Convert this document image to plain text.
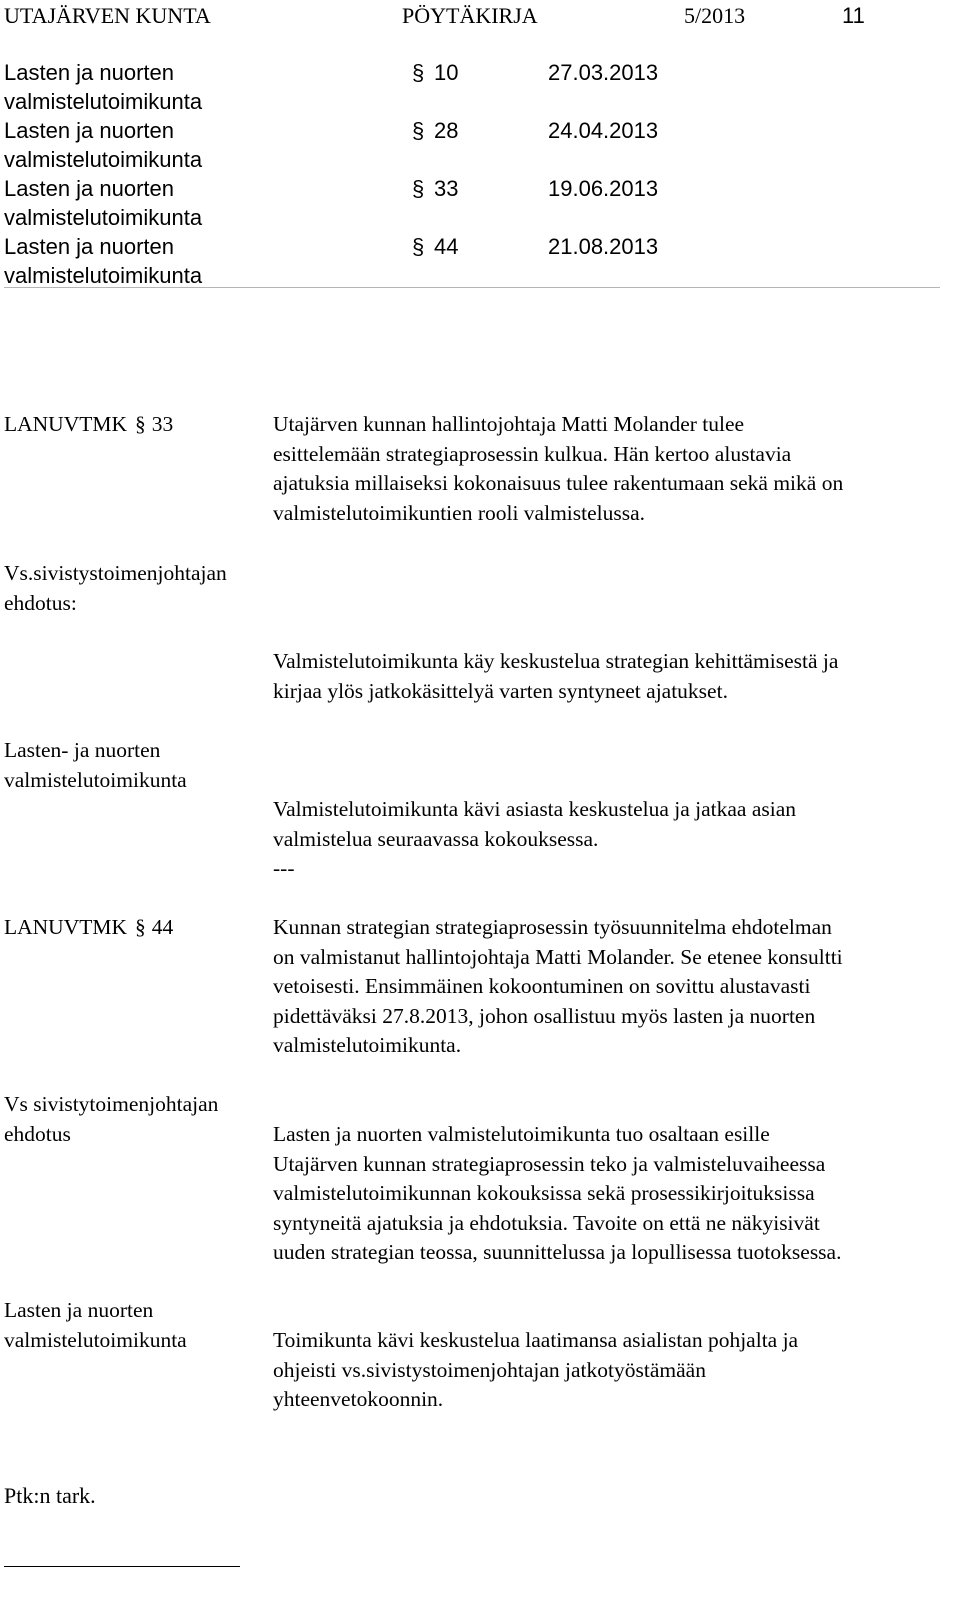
UTAJÄRVEN KUNTA	PÖYTÄKIRJA	5/2013	11
Lasten ja nuorten
valmistelutoimikunta
§ 10	27.03.2013
Lasten ja nuorten
valmistelutoimikunta
§ 28	24.04.2013
Lasten ja nuorten
valmistelutoimikunta
§ 33	19.06.2013
Lasten ja nuorten
valmistelutoimikunta
§ 44	21.08.2013
LANUVTMK § 33	Utajärven kunnan hallintojohtaja Matti Molander tulee
esittelemään strategiaprosessin kulkua. Hän kertoo alustavia
ajatuksia millaiseksi kokonaisuus tulee rakentumaan sekä mikä on
valmistelutoimikuntien rooli valmistelussa.
Vs.sivistystoimenjohtajan
ehdotus:
Valmistelutoimikunta käy keskustelua strategian kehittämisestä ja
kirjaa ylös jatkokäsittelyä varten syntyneet ajatukset.
Lasten- ja nuorten
valmistelutoimikunta
Valmistelutoimikunta kävi asiasta keskustelua ja jatkaa asian
valmistelua seuraavassa kokouksessa.
---
LANUVTMK § 44	Kunnan strategian strategiaprosessin työsuunnitelma ehdotelman
on valmistanut hallintojohtaja Matti Molander. Se etenee konsultti
vetoisesti. Ensimmäinen kokoontuminen on sovittu alustavasti
pidettäväksi 27.8.2013, johon osallistuu myös lasten ja nuorten
valmistelutoimikunta.
Vs sivistytoimenjohtajan
ehdotus	Lasten ja nuorten valmistelutoimikunta tuo osaltaan esille
Utajärven kunnan strategiaprosessin teko ja valmisteluvaiheessa
valmistelutoimikunnan kokouksissa sekä prosessikirjoituksissa
syntyneitä ajatuksia ja ehdotuksia. Tavoite on että ne näkyisivät
uuden strategian teossa, suunnittelussa ja lopullisessa tuotoksessa.
Lasten ja nuorten
valmistelutoimikunta	Toimikunta kävi keskustelua laatimansa asialistan pohjalta ja
ohjeisti vs.sivistystoimenjohtajan jatkotyöstämään
yhteenvetokoonnin.
Ptk:n tark.
